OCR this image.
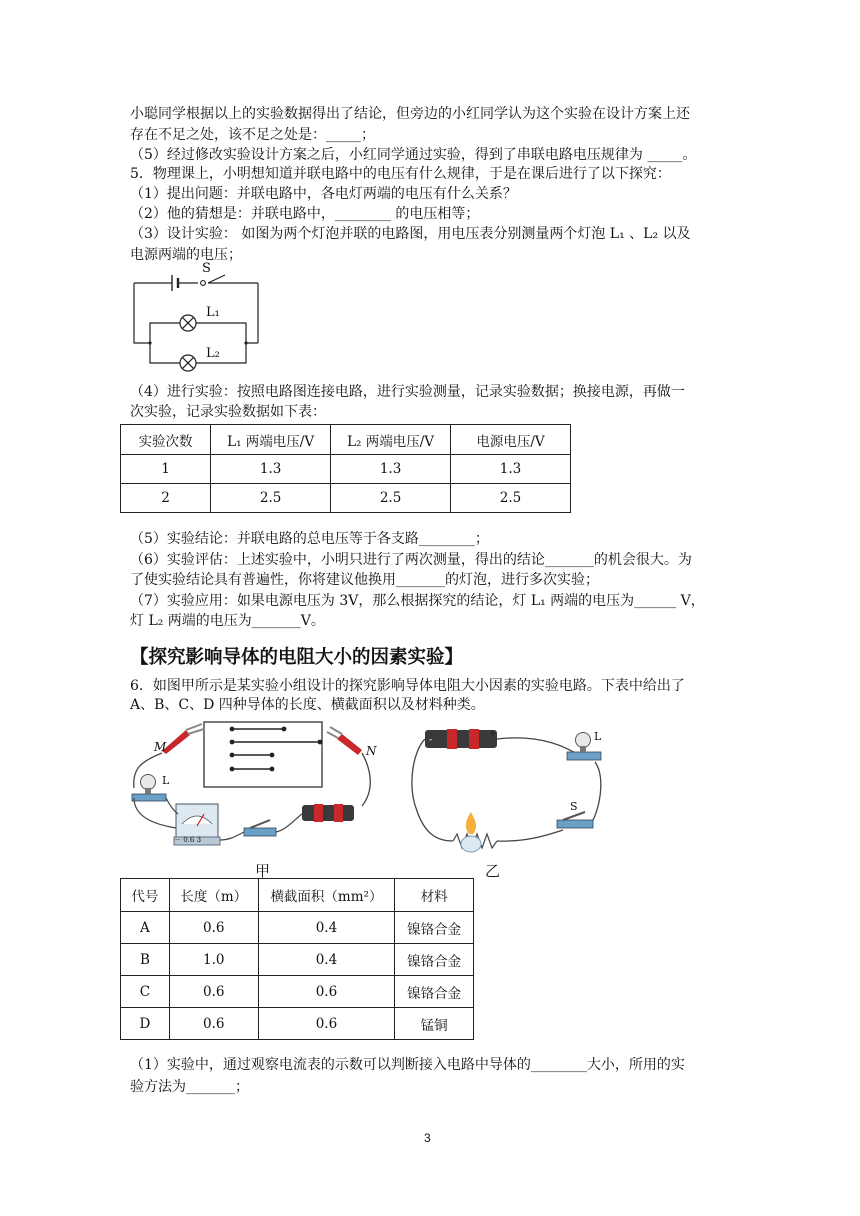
小聪同学根据以上的实验数据得出了结论，但旁边的小红同学认为这个实验在设计方案上还
存在不足之处，该不足之处是：_____；
（5）经过修改实验设计方案之后，小红同学通过实验，得到了串联电路电压规律为 _____。
5．物理课上，小明想知道并联电路中的电压有什么规律，于是在课后进行了以下探究：
（1）提出问题：并联电路中，各电灯两端的电压有什么关系？
（2）他的猜想是：并联电路中，________ 的电压相等；
（3）设计实验： 如图为两个灯泡并联的电路图，用电压表分别测量两个灯泡 L₁ 、L₂ 以及
电源两端的电压；
S
L₁
L₂
（4）进行实验：按照电路图连接电路，进行实验测量，记录实验数据；换接电源，再做一
次实验，记录实验数据如下表：
实验次数	L₁ 两端电压/V	L₂ 两端电压/V	电源电压/V
1	1.3	1.3	1.3
2	2.5	2.5	2.5
（5）实验结论：并联电路的总电压等于各支路________；
（6）实验评估：上述实验中，小明只进行了两次测量，得出的结论_______的机会很大。为
了使实验结论具有普遍性，你将建议他换用_______的灯泡，进行多次实验；
（7）实验应用：如果电源电压为 3V，那么根据探究的结论，灯 L₁ 两端的电压为______ V，
灯 L₂ 两端的电压为_______V。
【探究影响导体的电阻大小的因素实验】
6．如图甲所示是某实验小组设计的探究影响导体电阻大小因素的实验电路。下表中给出了
A、B、C、D 四种导体的长度、横截面积以及材料种类。
M	N
L
－ 0.6 3
甲
-
+	L
S
乙
代号	长度（m）	横截面积（mm²）	材料
A	0.6	0.4	镍铬合金
B	1.0	0.4	镍铬合金
C	0.6	0.6	镍铬合金
D	0.6	0.6	锰铜
（1）实验中，通过观察电流表的示数可以判断接入电路中导体的________大小，所用的实
验方法为_______；
3
